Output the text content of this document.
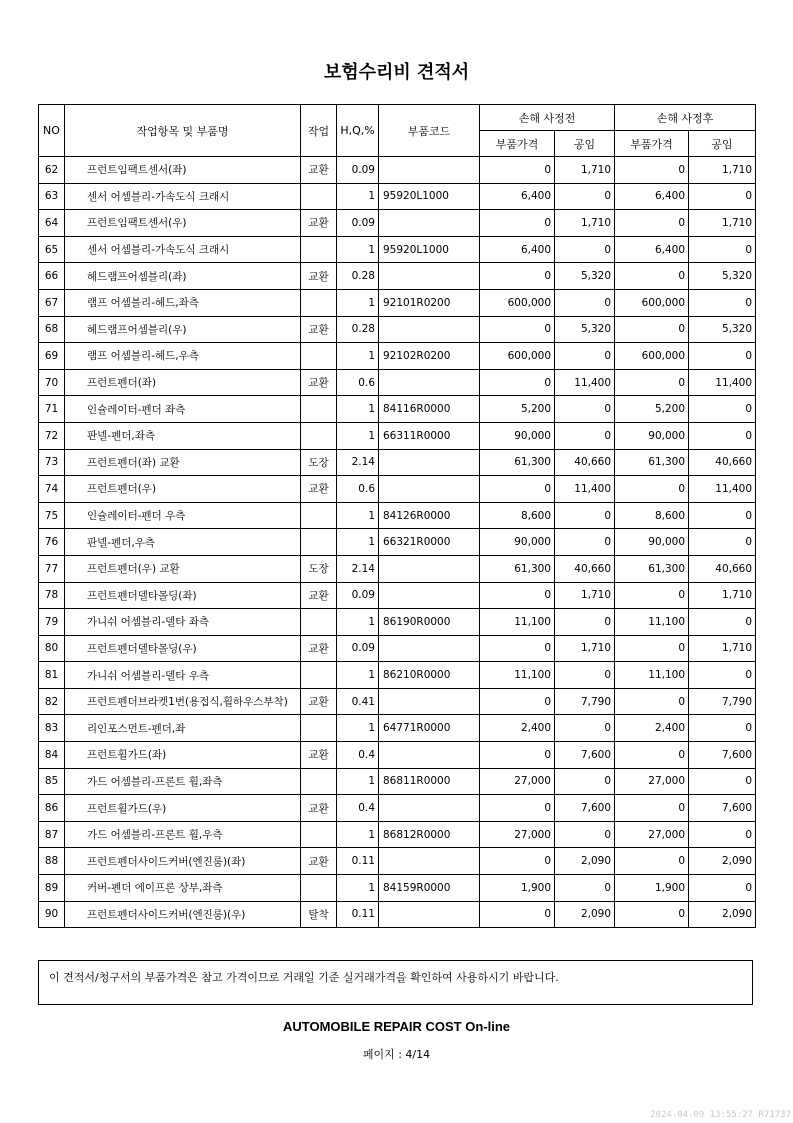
보험수리비 견적서
NO	작업항목 및 부품명	작업	H,Q,%	부품코드	손해 사정전		손해 사정후	
					부품가격	공임	부품가격	공임
62	프런트임팩트센서(좌)	교환	0.09		0	1,710	0	1,710
63	센서 어셈블리-가속도식 크래시		1	95920L1000	6,400	0	6,400	0
64	프런트임팩트센서(우)	교환	0.09		0	1,710	0	1,710
65	센서 어셈블리-가속도식 크래시		1	95920L1000	6,400	0	6,400	0
66	헤드램프어셈블리(좌)	교환	0.28		0	5,320	0	5,320
67	램프 어셈블리-헤드,좌측		1	92101R0200	600,000	0	600,000	0
68	헤드램프어셈블리(우)	교환	0.28		0	5,320	0	5,320
69	램프 어셈블리-헤드,우측		1	92102R0200	600,000	0	600,000	0
70	프런트펜더(좌)	교환	0.6		0	11,400	0	11,400
71	인슐레이터-펜더 좌측		1	84116R0000	5,200	0	5,200	0
72	판넬-펜더,좌측		1	66311R0000	90,000	0	90,000	0
73	프런트펜더(좌) 교환	도장	2.14		61,300	40,660	61,300	40,660
74	프런트펜더(우)	교환	0.6		0	11,400	0	11,400
75	인슐레이터-펜더 우측		1	84126R0000	8,600	0	8,600	0
76	판넬-펜더,우측		1	66321R0000	90,000	0	90,000	0
77	프런트펜더(우) 교환	도장	2.14		61,300	40,660	61,300	40,660
78	프런트펜더델타몰딩(좌)	교환	0.09		0	1,710	0	1,710
79	가니쉬 어셈블리-델타 좌측		1	86190R0000	11,100	0	11,100	0
80	프런트펜더델타몰딩(우)	교환	0.09		0	1,710	0	1,710
81	가니쉬 어셈블리-델타 우측		1	86210R0000	11,100	0	11,100	0
82	프런트펜더브라켓1번(용접식,휠하우스부착)	교환	0.41		0	7,790	0	7,790
83	리인포스먼트-펜더,좌		1	64771R0000	2,400	0	2,400	0
84	프런트휠가드(좌)	교환	0.4		0	7,600	0	7,600
85	가드 어셈블리-프론트 휠,좌측		1	86811R0000	27,000	0	27,000	0
86	프런트휠가드(우)	교환	0.4		0	7,600	0	7,600
87	가드 어셈블리-프론트 휠,우측		1	86812R0000	27,000	0	27,000	0
88	프런트펜더사이드커버(엔진룸)(좌)	교환	0.11		0	2,090	0	2,090
89	커버-펜더 에이프론 상부,좌측		1	84159R0000	1,900	0	1,900	0
90	프런트펜더사이드커버(엔진룸)(우)	탈착	0.11		0	2,090	0	2,090
이 견적서/청구서의 부품가격은 참고 가격이므로 거래일 기준 실거래가격을 확인하여 사용하시기 바랍니다.
AUTOMOBILE REPAIR COST On-line
페이지 : 4/14
2024-04-09 13:55:27 R71737
